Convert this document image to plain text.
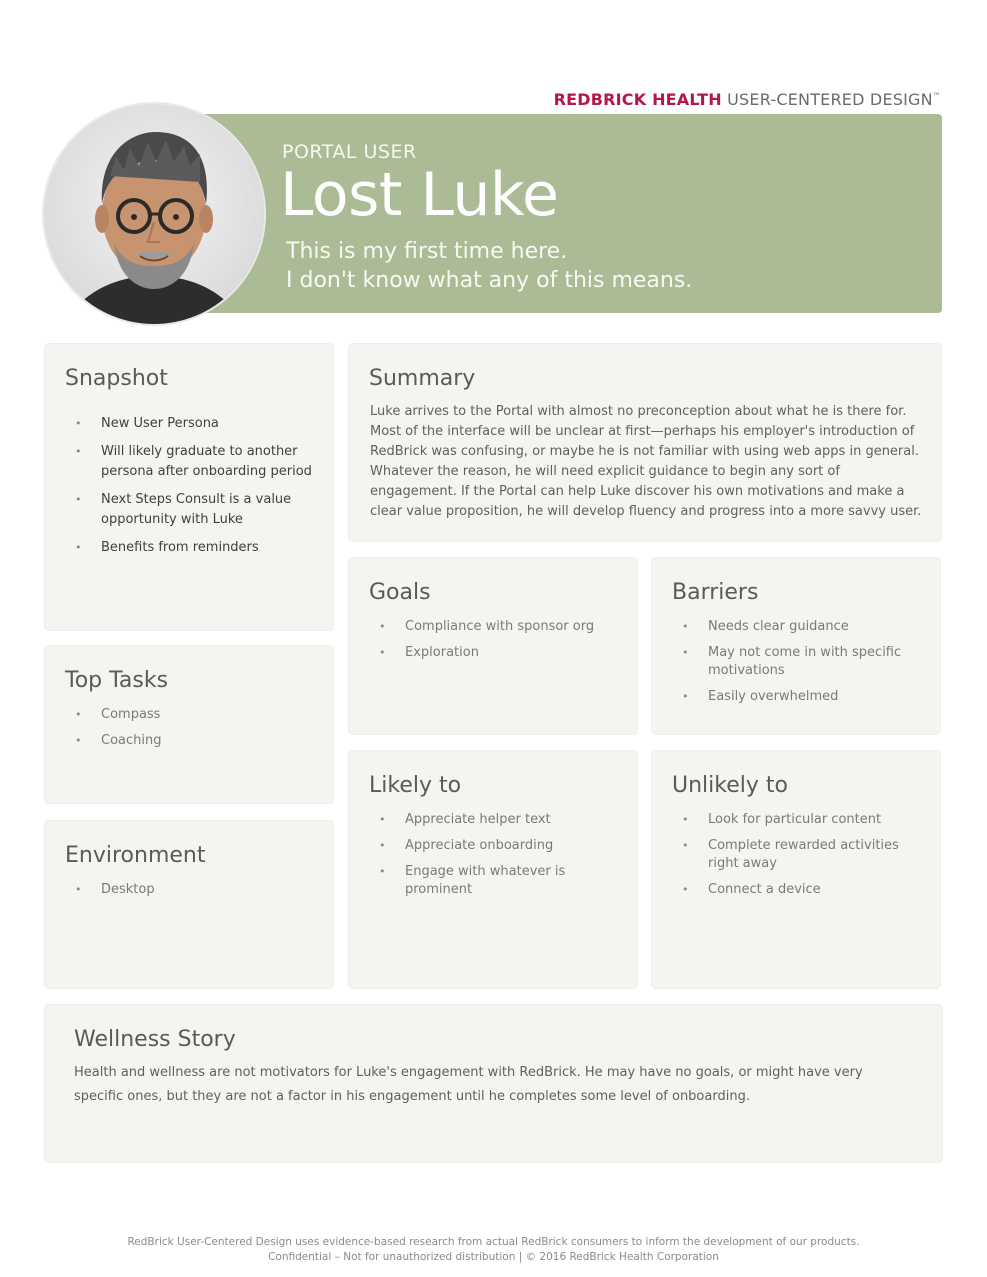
REDBRICK HEALTH USER-CENTERED DESIGN™
PORTAL USER
Lost Luke
This is my first time here.
I don't know what any of this means.
Snapshot
• New User Persona
• Will likely graduate to another persona after onboarding period
• Next Steps Consult is a value opportunity with Luke
• Benefits from reminders
Summary

Luke arrives to the Portal with almost no preconception about what he is there for. Most of the interface will be unclear at first—perhaps his employer's introduction of RedBrick was confusing, or maybe he is not familiar with using web apps in general. Whatever the reason, he will need explicit guidance to begin any sort of engagement. If the Portal can help Luke discover his own motivations and make a clear value proposition, he will develop fluency and progress into a more savvy user.

Top Tasks
• Compass
• Coaching
Environment
• Desktop
Goals
• Compliance with sponsor org
• Exploration
Barriers
• Needs clear guidance
• May not come in with specific motivations
• Easily overwhelmed
Likely to
• Appreciate helper text
• Appreciate onboarding
• Engage with whatever is prominent
Unlikely to
• Look for particular content
• Complete rewarded activities right away
• Connect a device
Wellness Story

Health and wellness are not motivators for Luke's engagement with RedBrick. He may have no goals, or might have very specific ones, but they are not a factor in his engagement until he completes some level of onboarding.

RedBrick User-Centered Design uses evidence-based research from actual RedBrick consumers to inform the development of our products.
Confidential – Not for unauthorized distribution | © 2016 RedBrick Health Corporation
